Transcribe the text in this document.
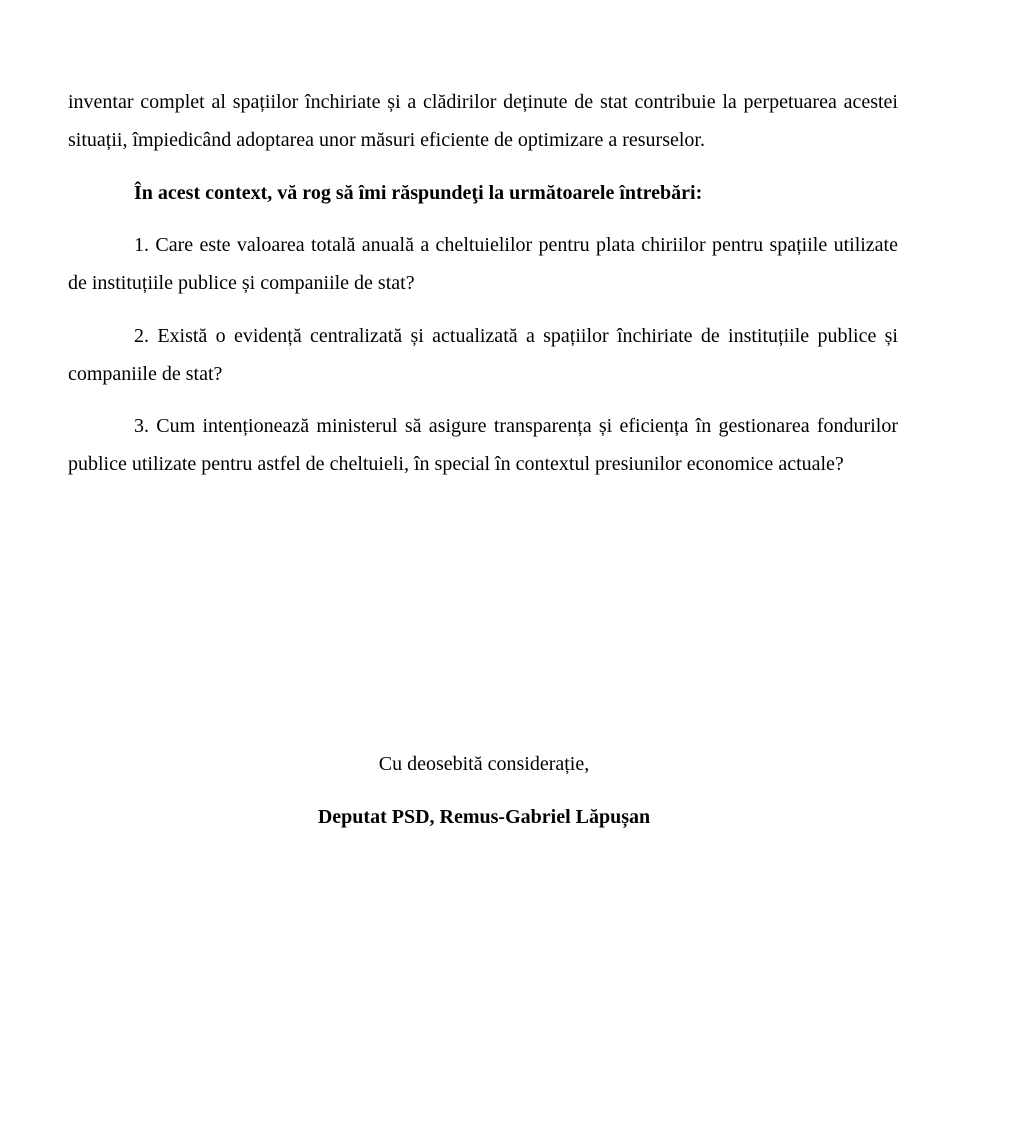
inventar complet al spațiilor închiriate și a clădirilor deținute de stat contribuie la perpetuarea acestei situații, împiedicând adoptarea unor măsuri eficiente de optimizare a resurselor.

În acest context, vă rog să îmi răspundeţi la următoarele întrebări:

1. Care este valoarea totală anuală a cheltuielilor pentru plata chiriilor pentru spațiile utilizate de instituțiile publice și companiile de stat?

2. Există o evidență centralizată și actualizată a spațiilor închiriate de instituțiile publice și companiile de stat?

3. Cum intenționează ministerul să asigure transparența și eficiența în gestionarea fondurilor publice utilizate pentru astfel de cheltuieli, în special în contextul presiunilor economice actuale?

Cu deosebită considerație,

Deputat PSD, Remus-Gabriel Lăpușan
